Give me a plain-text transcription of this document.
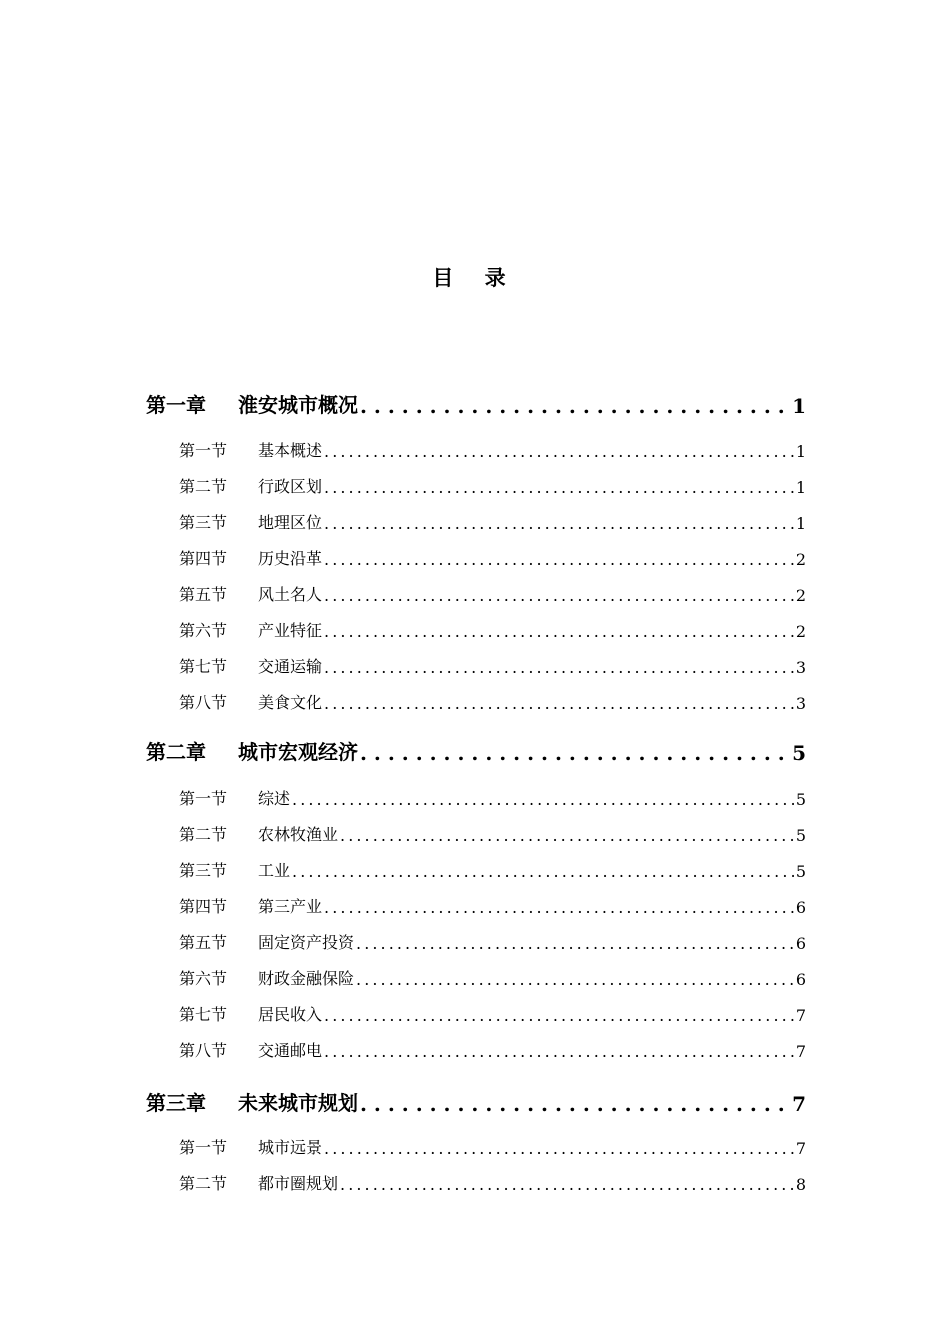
目 录
第一章	淮安城市概况 . . .	1
第一节	基本概述 . . .	1
第二节	行政区划 . . .	1
第三节	地理区位 . . .	1
第四节	历史沿革 . . .	2
第五节	风土名人 . . .	2
第六节	产业特征 . . .	2
第七节	交通运输 . . .	3
第八节	美食文化 . . .	3
第二章	城市宏观经济 . . .	5
第一节	综述 . . .	5
第二节	农林牧渔业 . . .	5
第三节	工业 . . .	5
第四节	第三产业 . . .	6
第五节	固定资产投资 . . .	6
第六节	财政金融保险 . . .	6
第七节	居民收入 . . .	7
第八节	交通邮电 . . .	7
第三章	未来城市规划 . . .	7
第一节	城市远景 . . .	7
第二节	都市圈规划 . . .	8
